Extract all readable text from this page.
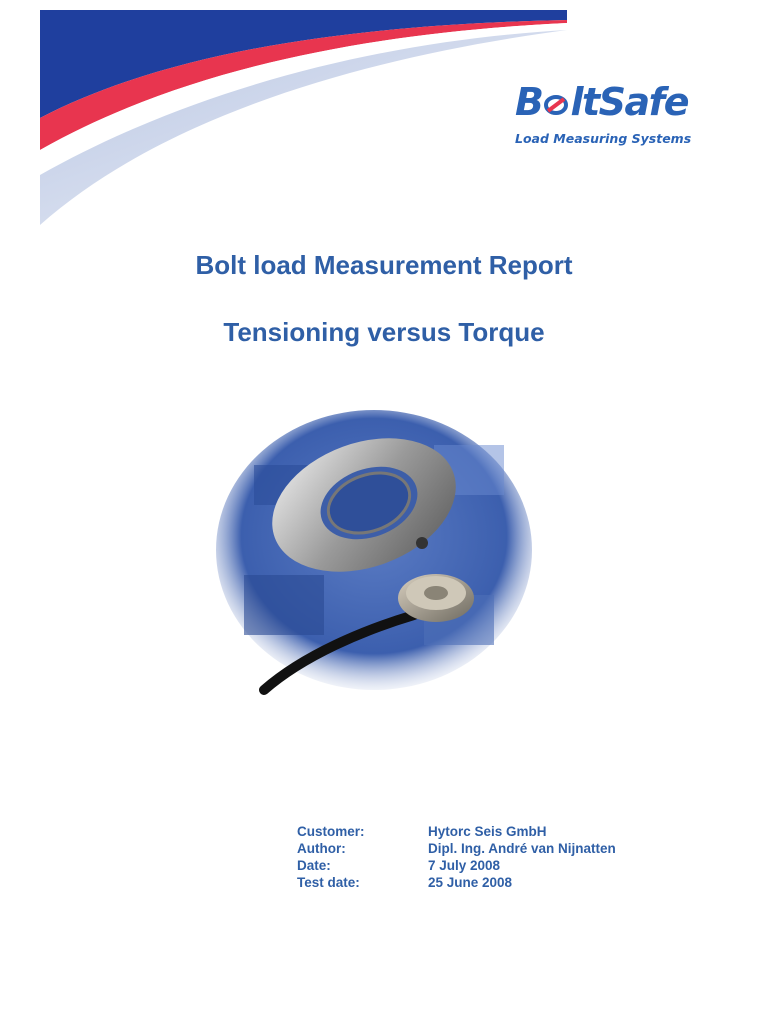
B ltSafe
Load Measuring Systems
Bolt load Measurement Report
Tensioning versus Torque
Customer:	Hytorc Seis GmbH
Author:	Dipl. Ing. André van Nijnatten
Date:	7 July 2008
Test date:	25 June 2008
